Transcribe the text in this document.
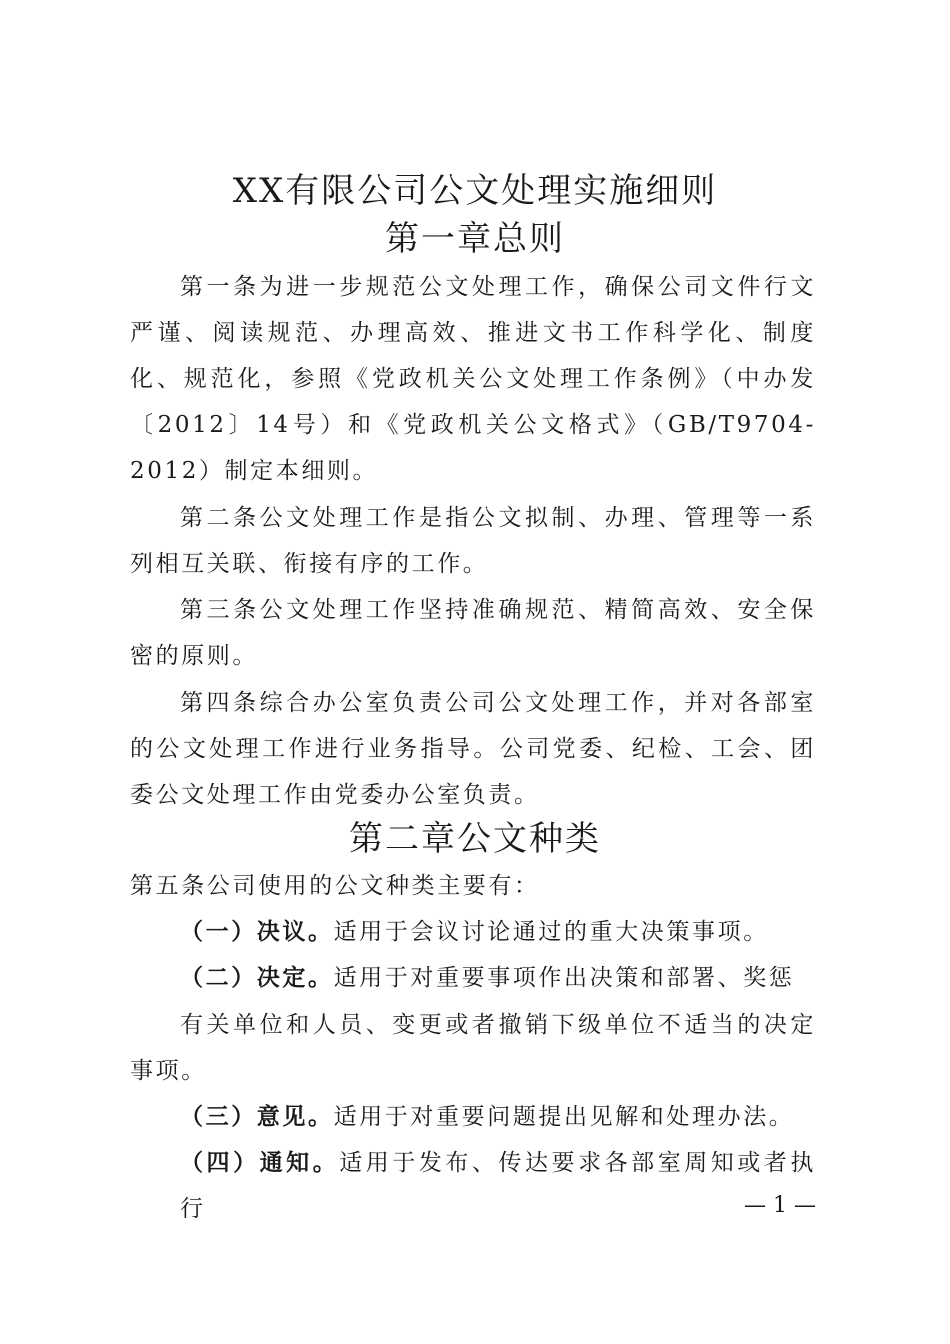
XX有限公司公文处理实施细则
第一章总则

第一条为进一步规范公文处理工作，确保公司文件行文严谨、阅读规范、办理高效、推进文书工作科学化、制度化、规范化，参照《党政机关公文处理工作条例》（中办发〔2012〕14号）和《党政机关公文格式》（GB/T9704-2012）制定本细则。

第二条公文处理工作是指公文拟制、办理、管理等一系列相互关联、衔接有序的工作。

第三条公文处理工作坚持准确规范、精简高效、安全保密的原则。

第四条综合办公室负责公司公文处理工作，并对各部室的公文处理工作进行业务指导。公司党委、纪检、工会、团委公文处理工作由党委办公室负责。

第二章公文种类

第五条公司使用的公文种类主要有：

（一）决议。适用于会议讨论通过的重大决策事项。

（二）决定。适用于对重要事项作出决策和部署、奖惩

有关单位和人员、变更或者撤销下级单位不适当的决定事项。

（三）意见。适用于对重要问题提出见解和处理办法。

（四）通知。适用于发布、传达要求各部室周知或者执行	— 1 —
